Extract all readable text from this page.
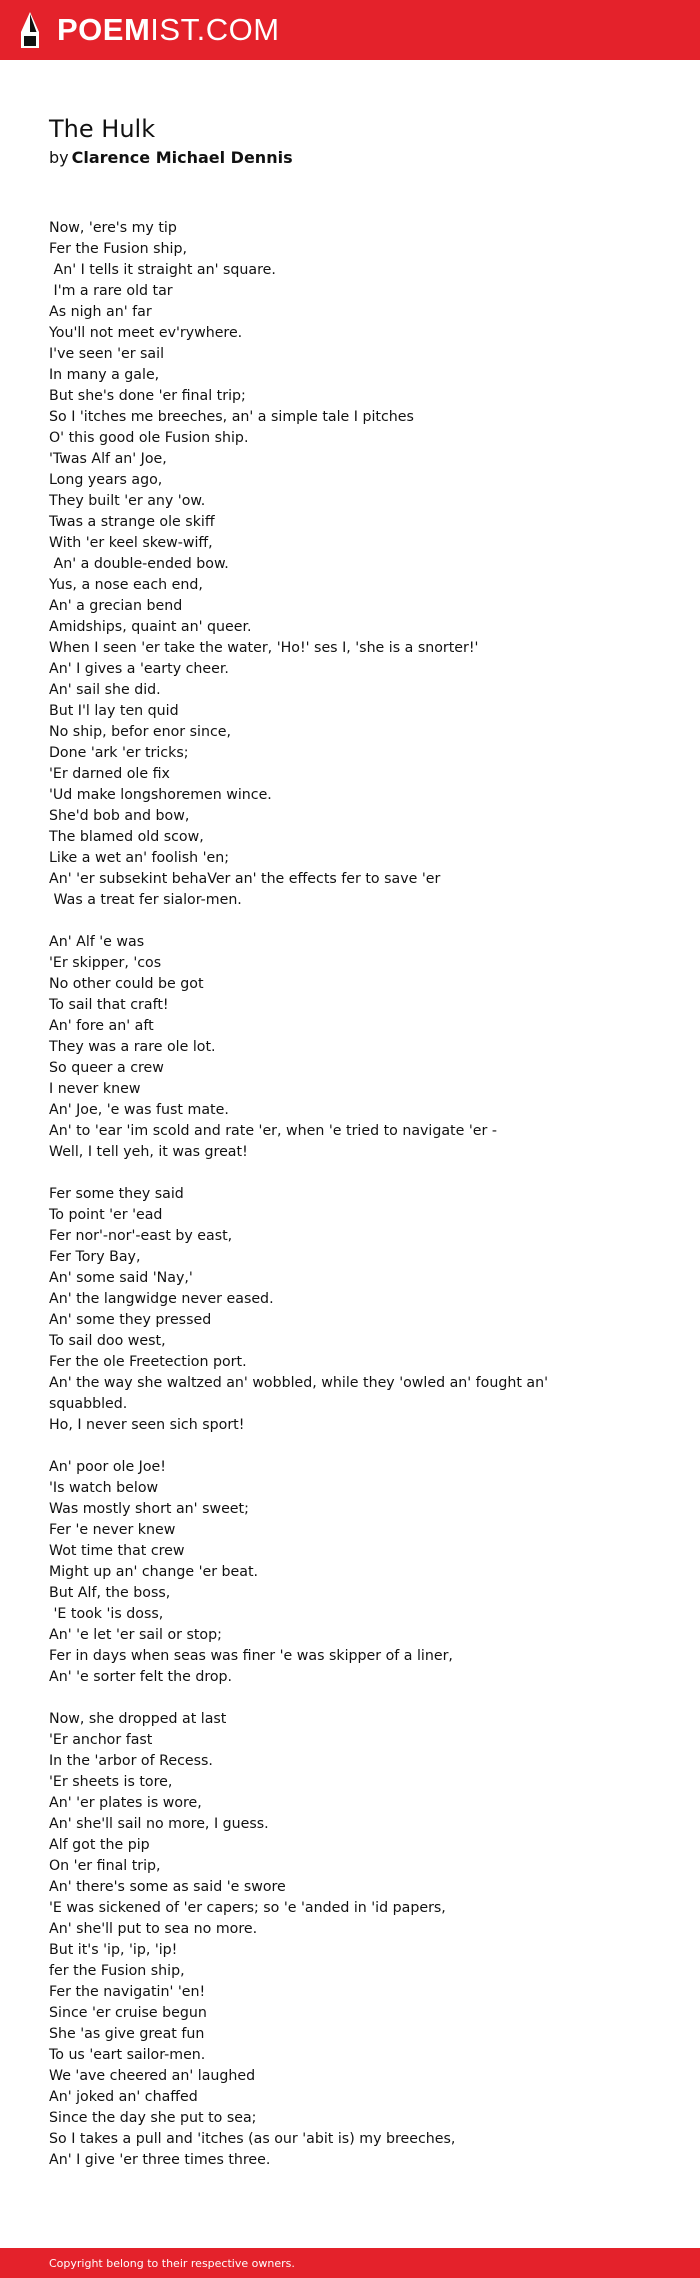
POEMIST.COM
The Hulk
by Clarence Michael Dennis
Now, 'ere's my tip
Fer the Fusion ship,
An' I tells it straight an' square.
I'm a rare old tar
As nigh an' far
You'll not meet ev'rywhere.
I've seen 'er sail
In many a gale,
But she's done 'er final trip;
So I 'itches me breeches, an' a simple tale I pitches
O' this good ole Fusion ship.
'Twas Alf an' Joe,
Long years ago,
They built 'er any 'ow.
Twas a strange ole skiff
With 'er keel skew-wiff,
An' a double-ended bow.
Yus, a nose each end,
An' a grecian bend
Amidships, quaint an' queer.
When I seen 'er take the water, 'Ho!' ses I, 'she is a snorter!'
An' I gives a 'earty cheer.
An' sail she did.
But I'l lay ten quid
No ship, befor enor since,
Done 'ark 'er tricks;
'Er darned ole fix
'Ud make longshoremen wince.
She'd bob and bow,
The blamed old scow,
Like a wet an' foolish 'en;
An' 'er subsekint behaVer an' the effects fer to save 'er
Was a treat fer sialor-men.
An' Alf 'e was
'Er skipper, 'cos
No other could be got
To sail that craft!
An' fore an' aft
They was a rare ole lot.
So queer a crew
I never knew
An' Joe, 'e was fust mate.
An' to 'ear 'im scold and rate 'er, when 'e tried to navigate 'er -
Well, I tell yeh, it was great!
Fer some they said
To point 'er 'ead
Fer nor'-nor'-east by east,
Fer Tory Bay,
An' some said 'Nay,'
An' the langwidge never eased.
An' some they pressed
To sail doo west,
Fer the ole Freetection port.
An' the way she waltzed an' wobbled, while they 'owled an' fought an'
squabbled.
Ho, I never seen sich sport!
An' poor ole Joe!
'Is watch below
Was mostly short an' sweet;
Fer 'e never knew
Wot time that crew
Might up an' change 'er beat.
But Alf, the boss,
'E took 'is doss,
An' 'e let 'er sail or stop;
Fer in days when seas was finer 'e was skipper of a liner,
An' 'e sorter felt the drop.
Now, she dropped at last
'Er anchor fast
In the 'arbor of Recess.
'Er sheets is tore,
An' 'er plates is wore,
An' she'll sail no more, I guess.
Alf got the pip
On 'er final trip,
An' there's some as said 'e swore
'E was sickened of 'er capers; so 'e 'anded in 'id papers,
An' she'll put to sea no more.
But it's 'ip, 'ip, 'ip!
fer the Fusion ship,
Fer the navigatin' 'en!
Since 'er cruise begun
She 'as give great fun
To us 'eart sailor-men.
We 'ave cheered an' laughed
An' joked an' chaffed
Since the day she put to sea;
So I takes a pull and 'itches (as our 'abit is) my breeches,
An' I give 'er three times three.
Copyright belong to their respective owners.
